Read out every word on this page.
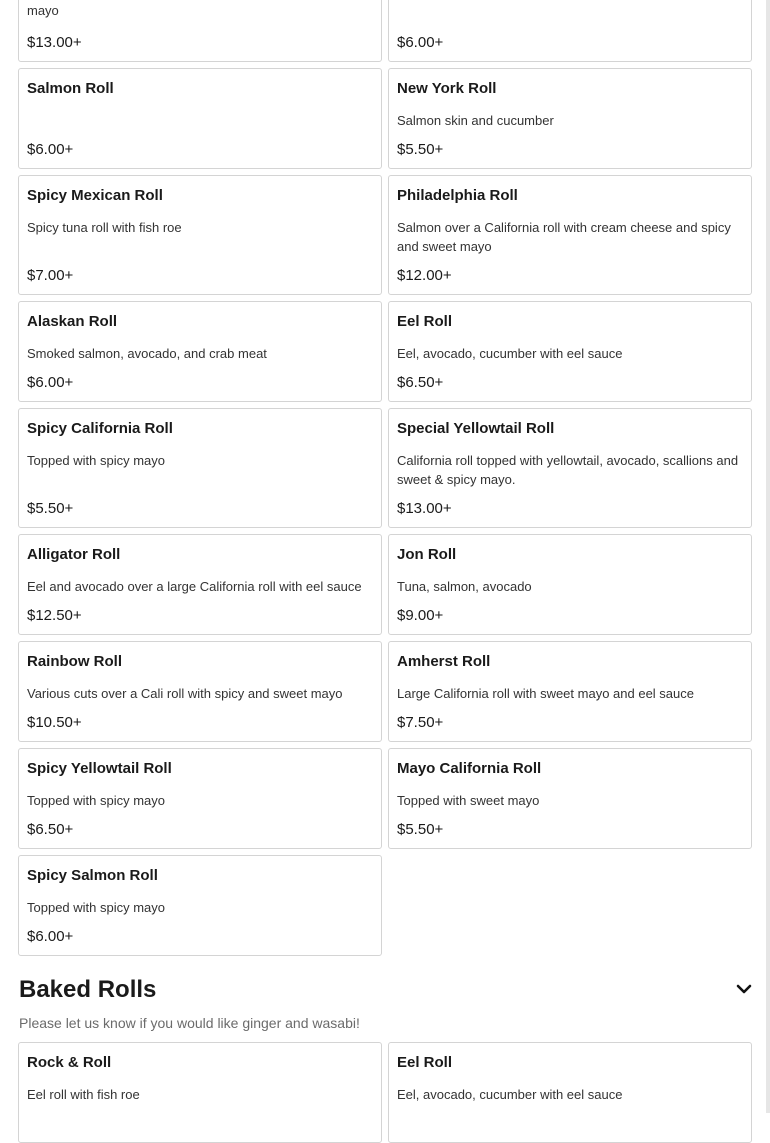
mayo
$13.00+	$6.00+
Salmon Roll
$6.00+
New York Roll
Salmon skin and cucumber
$5.50+
Spicy Mexican Roll
Spicy tuna roll with fish roe
$7.00+
Philadelphia Roll
Salmon over a California roll with cream cheese and spicy and sweet mayo
$12.00+
Alaskan Roll
Smoked salmon, avocado, and crab meat
$6.00+
Eel Roll
Eel, avocado, cucumber with eel sauce
$6.50+
Spicy California Roll
Topped with spicy mayo
$5.50+
Special Yellowtail Roll
California roll topped with yellowtail, avocado, scallions and sweet & spicy mayo.
$13.00+
Alligator Roll
Eel and avocado over a large California roll with eel sauce
$12.50+
Jon Roll
Tuna, salmon, avocado
$9.00+
Rainbow Roll
Various cuts over a Cali roll with spicy and sweet mayo
$10.50+
Amherst Roll
Large California roll with sweet mayo and eel sauce
$7.50+
Spicy Yellowtail Roll
Topped with spicy mayo
$6.50+
Mayo California Roll
Topped with sweet mayo
$5.50+
Spicy Salmon Roll
Topped with spicy mayo
$6.00+
Baked Rolls
Please let us know if you would like ginger and wasabi!
Rock & Roll
Eel roll with fish roe
Eel Roll
Eel, avocado, cucumber with eel sauce
